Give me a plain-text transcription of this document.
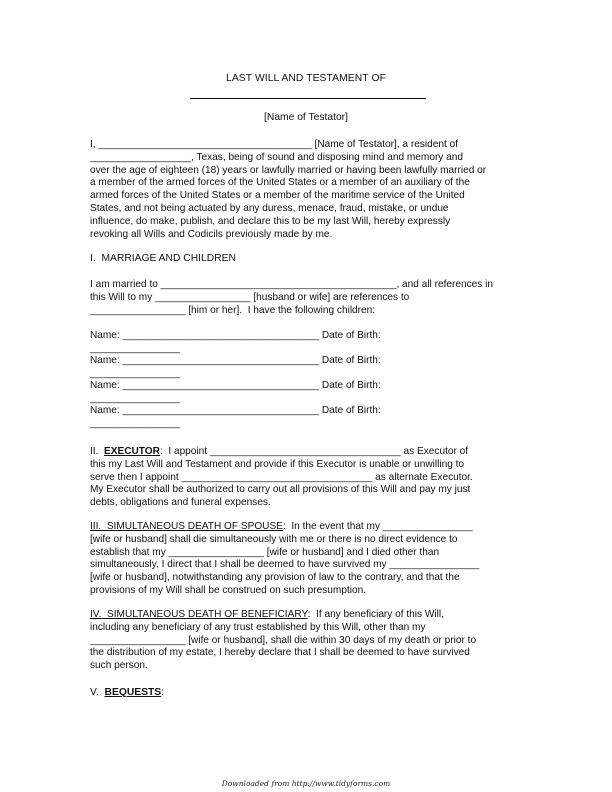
LAST WILL AND TESTAMENT OF
[Name of Testator]
I, ______________________________________ [Name of Testator], a resident of
__________________, Texas, being of sound and disposing mind and memory and
over the age of eighteen (18) years or lawfully married or having been lawfully married or
a member of the armed forces of the United States or a member of an auxiliary of the
armed forces of the United States or a member of the maritime service of the United
States, and not being actuated by any duress, menace, fraud, mistake, or undue
influence, do make, publish, and declare this to be my last Will, hereby expressly
revoking all Wills and Codicils previously made by me.
I.  MARRIAGE AND CHILDREN
I am married to __________________________________________, and all references in
this Will to my _________________ [husband or wife] are references to
_________________ [him or her].  I have the following children:
Name: ___________________________________ Date of Birth:
________________
Name: ___________________________________ Date of Birth:
________________
Name: ___________________________________ Date of Birth:
________________
Name: ___________________________________ Date of Birth:
________________
II.  EXECUTOR:  I appoint __________________________________ as Executor of
this my Last Will and Testament and provide if this Executor is unable or unwilling to
serve then I appoint __________________________________ as alternate Executor.
My Executor shall be authorized to carry out all provisions of this Will and pay my just
debts, obligations and funeral expenses.
III.  SIMULTANEOUS DEATH OF SPOUSE:  In the event that my ________________
[wife or husband] shall die simultaneously with me or there is no direct evidence to
establish that my _________________ [wife or husband] and I died other than
simultaneously, I direct that I shall be deemed to have survived my ________________
[wife or husband], notwithstanding any provision of law to the contrary, and that the
provisions of my Will shall be construed on such presumption.
IV.  SIMULTANEOUS DEATH OF BENEFICIARY:  If any beneficiary of this Will,
including any beneficiary of any trust established by this Will, other than my
_________________ [wife or husband], shall die within 30 days of my death or prior to
the distribution of my estate, I hereby declare that I shall be deemed to have survived
such person.
V.  BEQUESTS:
Downloaded from http://www.tidyforms.com
